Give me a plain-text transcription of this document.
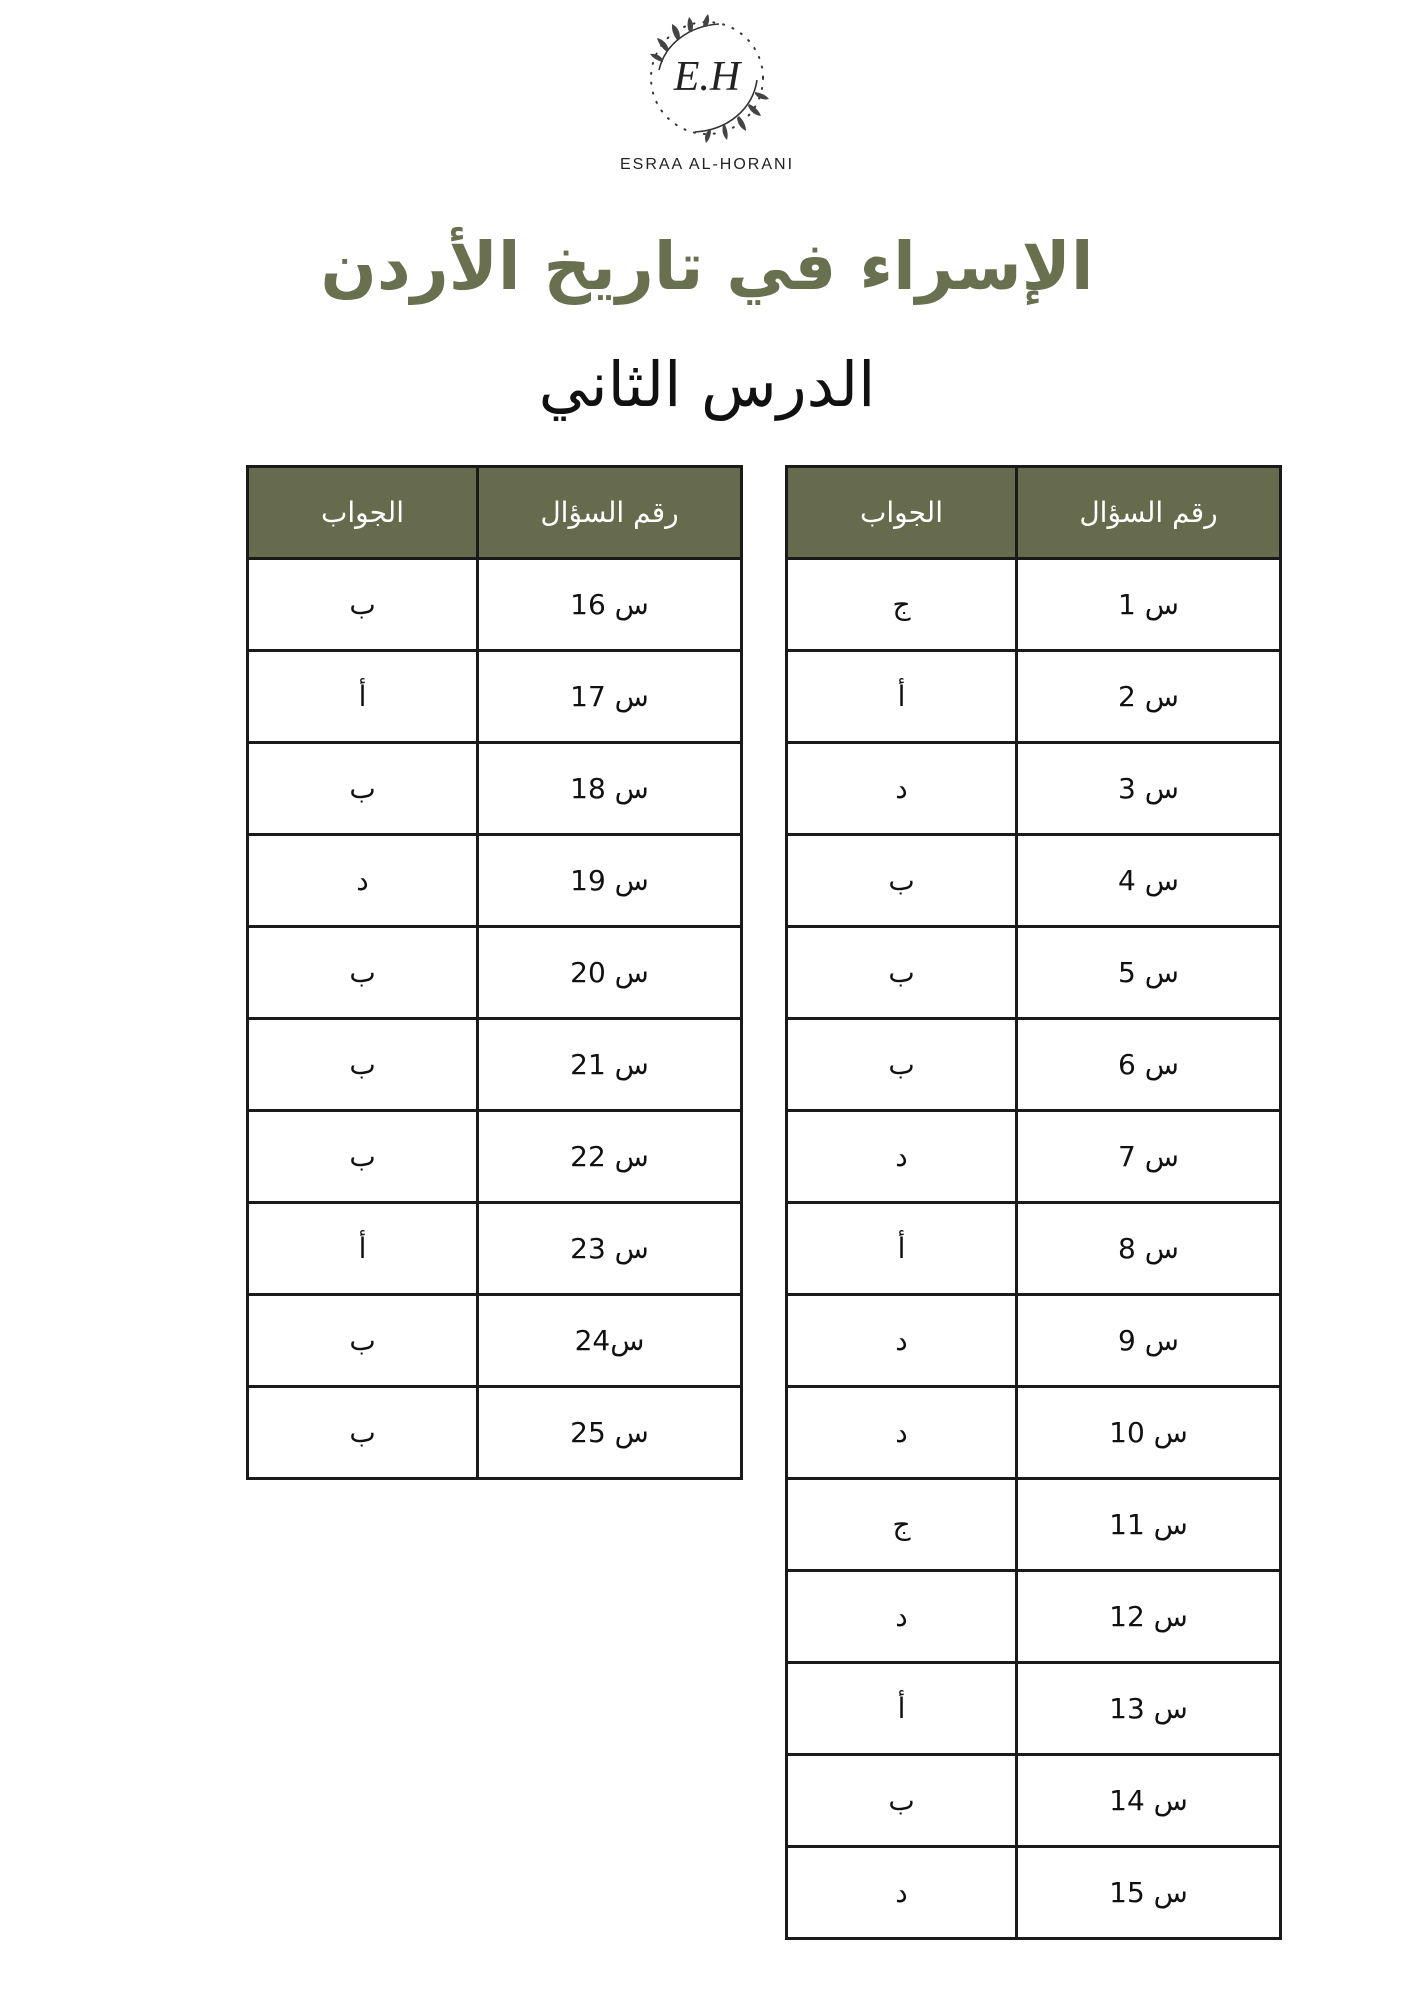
E.H
ESRAA AL-HORANI
الإسراء في تاريخ الأردن
الدرس الثاني
الجواب	رقم السؤال
ج	س 1
أ	س 2
د	س 3
ب	س 4
ب	س 5
ب	س 6
د	س 7
أ	س 8
د	س 9
د	س 10
ج	س 11
د	س 12
أ	س 13
ب	س 14
د	س 15
الجواب	رقم السؤال
ب	س 16
أ	س 17
ب	س 18
د	س 19
ب	س 20
ب	س 21
ب	س 22
أ	س 23
ب	س24
ب	س 25
